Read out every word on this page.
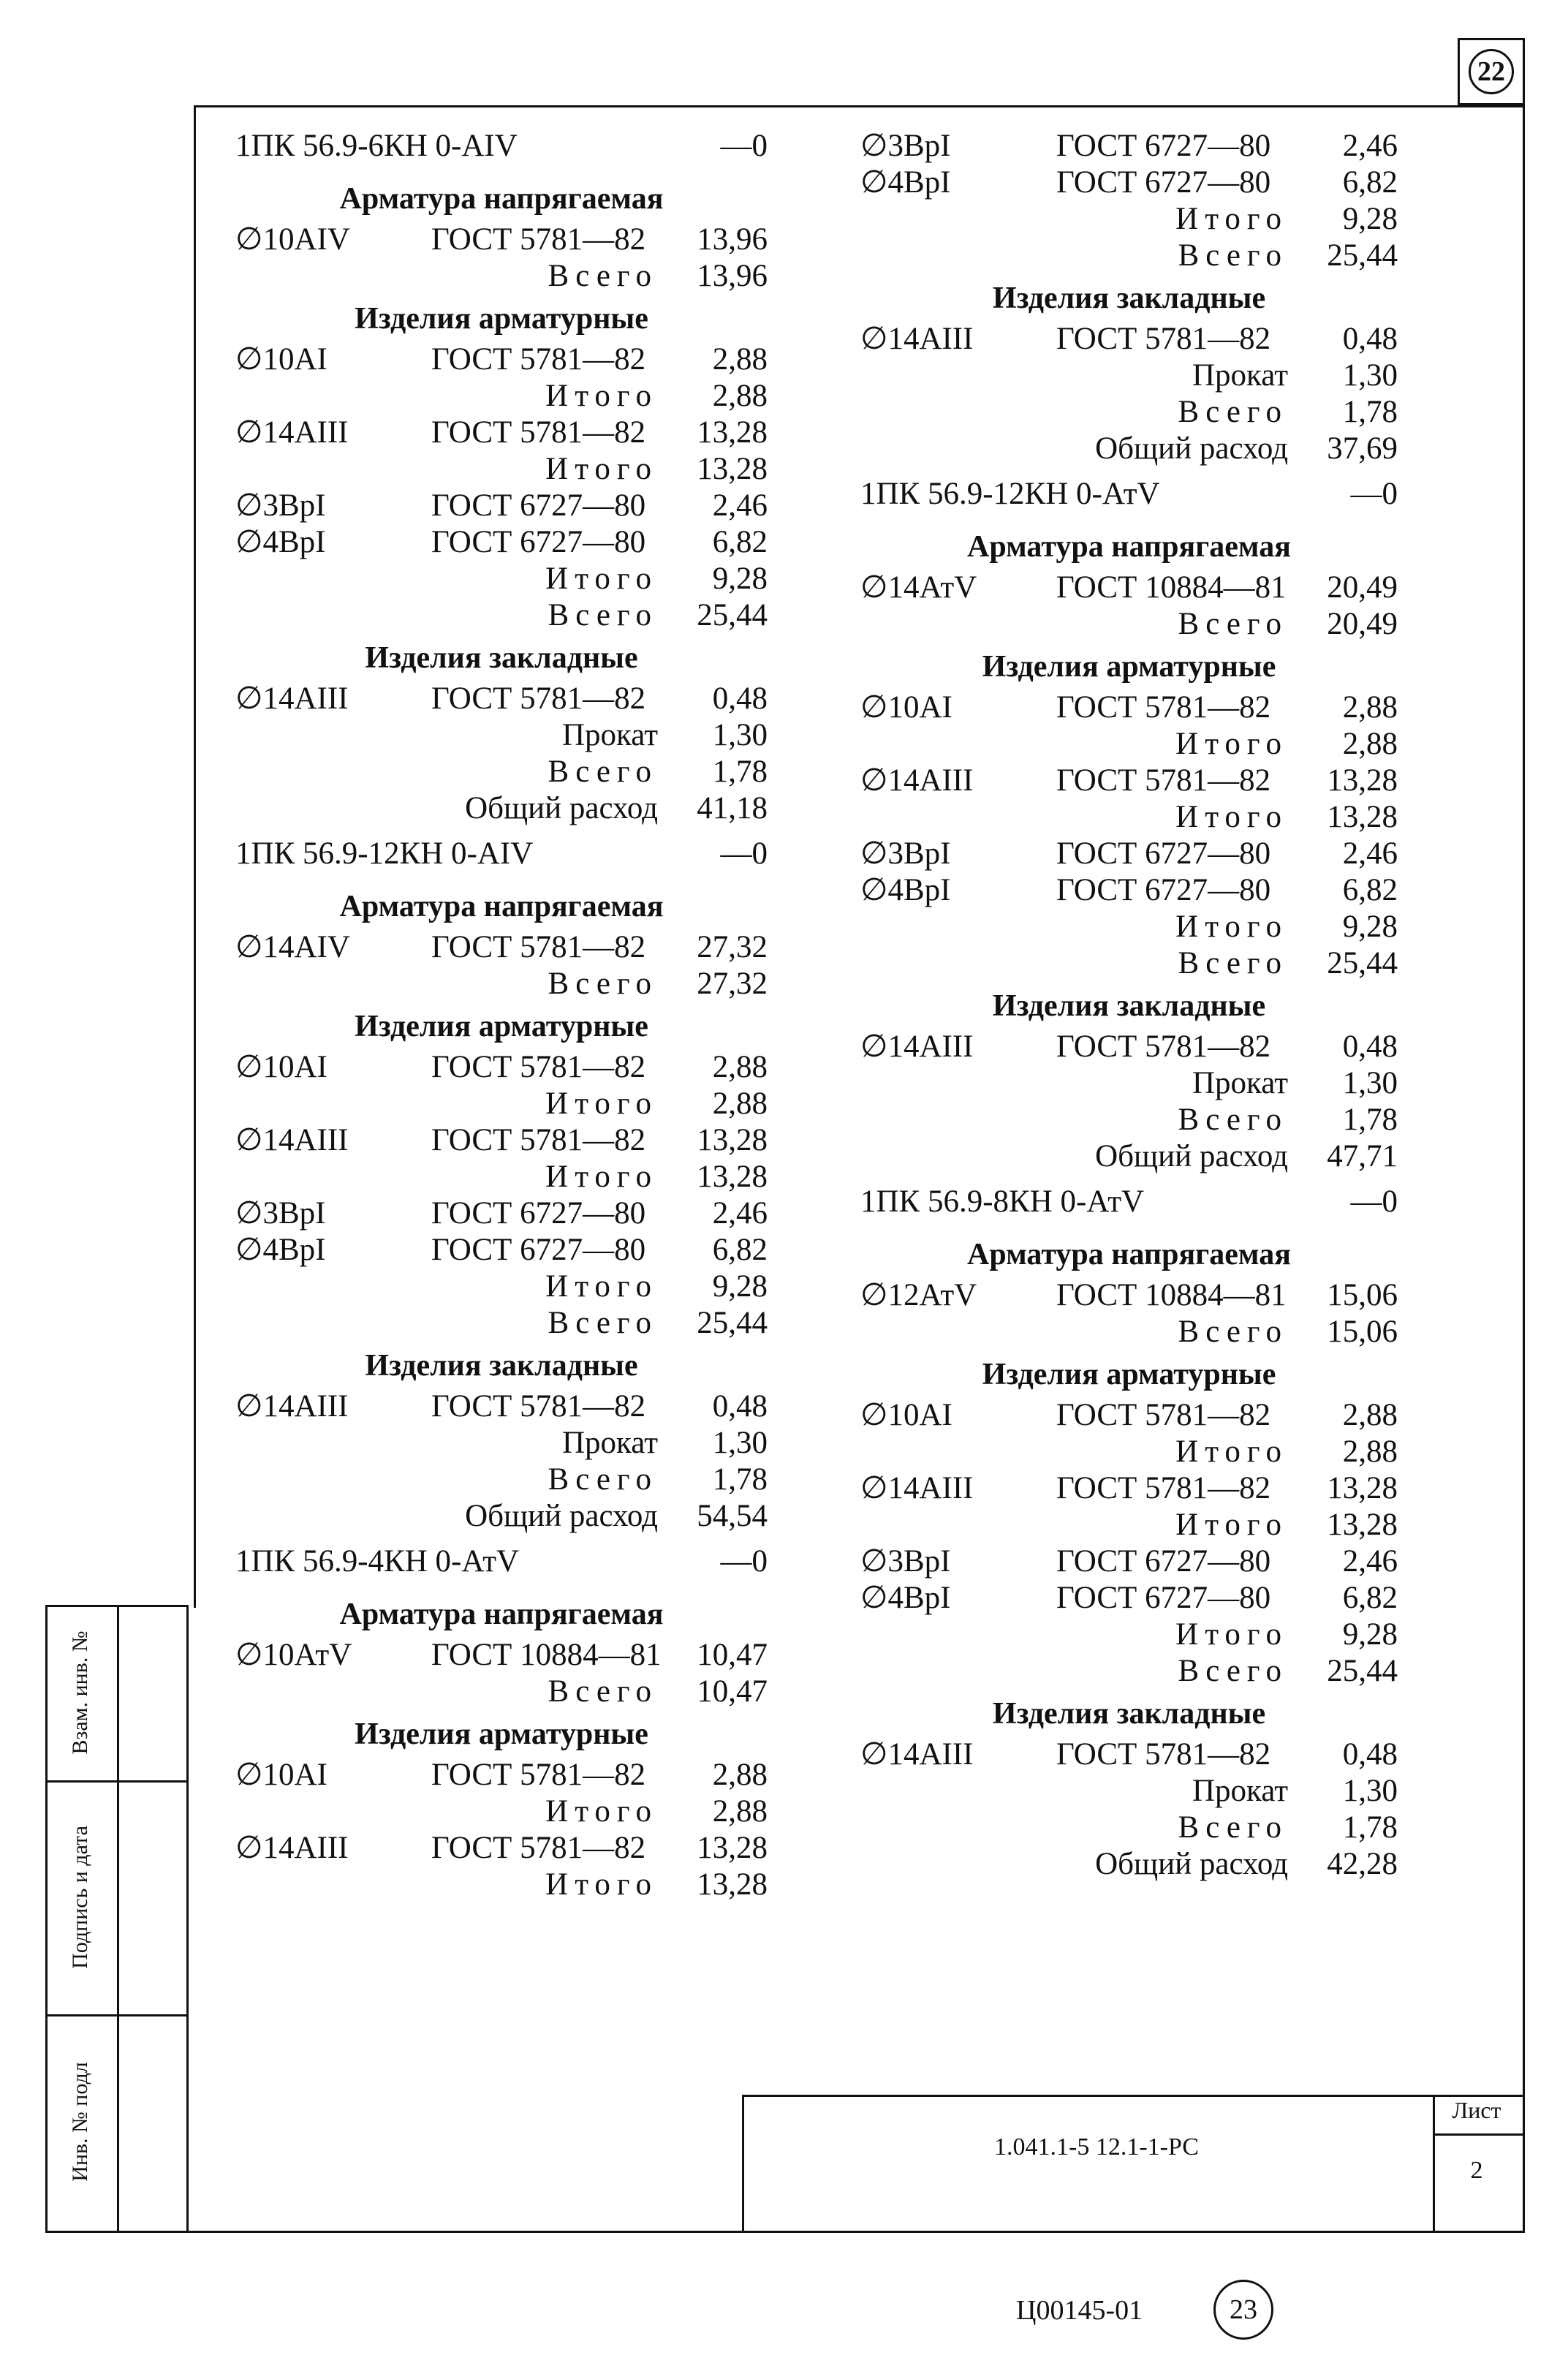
22
Взам. инв. №
Подпись и дата
Инв. № подл	1.041.1-5 12.1-1-РС
Лист
2
Ц00145-01	23
1ПК 56.9-6КН 0-АIV	—0
Арматура напрягаемая
∅10АIV	ГОСТ 5781—82 13,96
Всего 13,96
Изделия арматурные
∅10АI	ГОСТ 5781—82 2,88
Итого 2,88
∅14АIII	ГОСТ 5781—82 13,28
Итого 13,28
∅3ВрI	ГОСТ 6727—80 2,46
∅4ВрI	ГОСТ 6727—80 6,82
Итого 9,28
Всего 25,44
Изделия закладные
∅14АIII	ГОСТ 5781—82 0,48
Прокат 1,30
Всего 1,78
Общий расход 41,18
1ПК 56.9-12КН 0-АIV	—0
Арматура напрягаемая
∅14АIV	ГОСТ 5781—82 27,32
Всего 27,32
Изделия арматурные
∅10АI	ГОСТ 5781—82 2,88
Итого 2,88
∅14АIII	ГОСТ 5781—82 13,28
Итого 13,28
∅3ВрI	ГОСТ 6727—80 2,46
∅4ВрI	ГОСТ 6727—80 6,82
Итого 9,28
Всего 25,44
Изделия закладные
∅14АIII	ГОСТ 5781—82 0,48
Прокат 1,30
Всего 1,78
Общий расход 54,54
1ПК 56.9-4КН 0-АтV	—0
Арматура напрягаемая
∅10АтV	ГОСТ 10884—81 10,47
Всего 10,47
Изделия арматурные
∅10АI	ГОСТ 5781—82 2,88
Итого 2,88
∅14АIII	ГОСТ 5781—82 13,28
Итого 13,28
∅3ВрI	ГОСТ 6727—80 2,46
∅4ВрI	ГОСТ 6727—80 6,82
Итого 9,28
Всего 25,44
Изделия закладные
∅14АIII	ГОСТ 5781—82 0,48
Прокат 1,30
Всего 1,78
Общий расход 37,69
1ПК 56.9-12КН 0-АтV	—0
Арматура напрягаемая
∅14АтV	ГОСТ 10884—81 20,49
Всего 20,49
Изделия арматурные
∅10АI	ГОСТ 5781—82 2,88
Итого 2,88
∅14АIII	ГОСТ 5781—82 13,28
Итого 13,28
∅3ВрI	ГОСТ 6727—80 2,46
∅4ВрI	ГОСТ 6727—80 6,82
Итого 9,28
Всего 25,44
Изделия закладные
∅14АIII	ГОСТ 5781—82 0,48
Прокат 1,30
Всего 1,78
Общий расход 47,71
1ПК 56.9-8КН 0-АтV	—0
Арматура напрягаемая
∅12АтV	ГОСТ 10884—81 15,06
Всего 15,06
Изделия арматурные
∅10АI	ГОСТ 5781—82 2,88
Итого 2,88
∅14АIII	ГОСТ 5781—82 13,28
Итого 13,28
∅3ВрI	ГОСТ 6727—80 2,46
∅4ВрI	ГОСТ 6727—80 6,82
Итого 9,28
Всего 25,44
Изделия закладные
∅14АIII	ГОСТ 5781—82 0,48
Прокат 1,30
Всего 1,78
Общий расход 42,28
